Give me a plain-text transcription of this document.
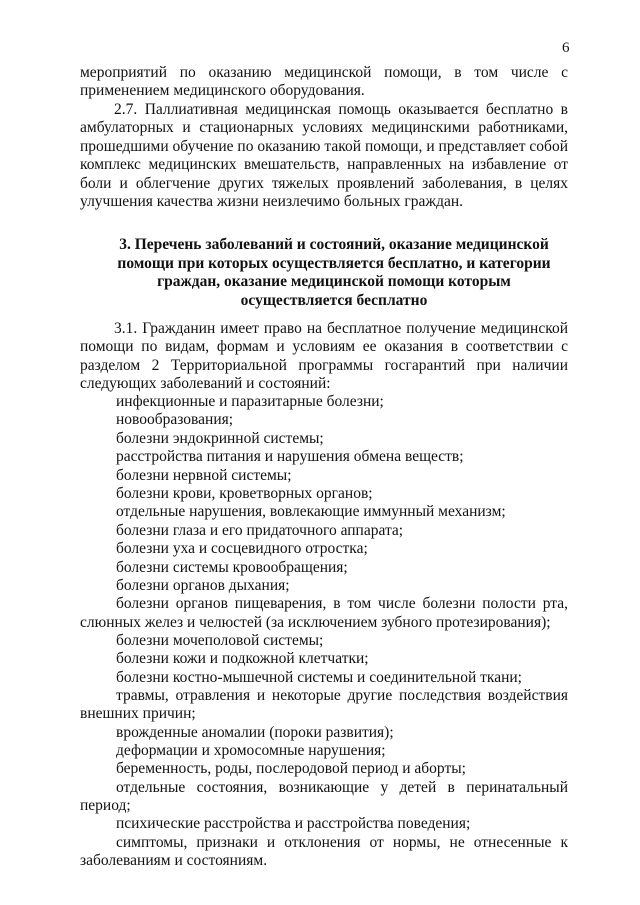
6

мероприятий по оказанию медицинской помощи, в том числе с применением медицинского оборудования.

2.7. Паллиативная медицинская помощь оказывается бесплатно в амбулаторных и стационарных условиях медицинскими работниками, прошедшими обучение по оказанию такой помощи, и представляет собой комплекс медицинских вмешательств, направленных на избавление от боли и облегчение других тяжелых проявлений заболевания, в целях улучшения качества жизни неизлечимо больных граждан.

3. Перечень заболеваний и состояний, оказание медицинской помощи при которых осуществляется бесплатно, и категории граждан, оказание медицинской помощи которым осуществляется бесплатно

3.1. Гражданин имеет право на бесплатное получение медицинской помощи по видам, формам и условиям ее оказания в соответствии с разделом 2 Территориальной программы госгарантий при наличии следующих заболеваний и состояний:

инфекционные и паразитарные болезни;

новообразования;

болезни эндокринной системы;

расстройства питания и нарушения обмена веществ;

болезни нервной системы;

болезни крови, кроветворных органов;

отдельные нарушения, вовлекающие иммунный механизм;

болезни глаза и его придаточного аппарата;

болезни уха и сосцевидного отростка;

болезни системы кровообращения;

болезни органов дыхания;

болезни органов пищеварения, в том числе болезни полости рта, слюнных желез и челюстей (за исключением зубного протезирования);

болезни мочеполовой системы;

болезни кожи и подкожной клетчатки;

болезни костно-мышечной системы и соединительной ткани;

травмы, отравления и некоторые другие последствия воздействия внешних причин;

врожденные аномалии (пороки развития);

деформации и хромосомные нарушения;

беременность, роды, послеродовой период и аборты;

отдельные состояния, возникающие у детей в перинатальный период;

психические расстройства и расстройства поведения;

симптомы, признаки и отклонения от нормы, не отнесенные к заболеваниям и состояниям.
